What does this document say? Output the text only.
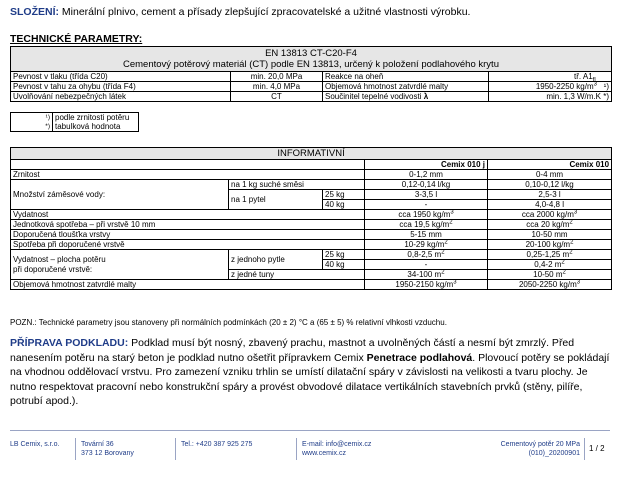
SLOŽENÍ: Minerální plnivo, cement a přísady zlepšující zpracovatelské a užitné vlastnosti výrobku.
TECHNICKÉ PARAMETRY:
EN 13813 CT-C20-F4			
Cementový potěrový materiál (CT) podle EN 13813, určený k položení podlahového krytu			
Pevnost v tlaku (třída C20)	min. 20,0 MPa	Reakce na oheň	tř. $A1_{fl}$
Pevnost v tahu za ohybu (třída F4)	min. 4,0 MPa	Objemová hmotnost zatvrdlé malty	1950-2250 $kg/m^3$ ¹)
Uvolňování nebezpečných látek	CT	Součinitel tepelné vodivosti λ	min. 1,3 W/m.K *)
¹)	podle zrnitosti potěru
*)	tabulková hodnota
INFORMATIVNÍ				
			Cemix 010 j	Cemix 010
Zrnitost			0-1,2 mm	0-4 mm
Množství záměsové vody:	na 1 kg suché směsi		0,12-0,14 l/kg	0,10-0,12 l/kg
	na 1 pytel	25 kg	3-3,5 l	2,5-3 l
		40 kg	-	4,0-4,8 l
Vydatnost			cca 1950 $kg/m^3$	cca 2000 $kg/m^3$
Jednotková spotřeba – při vrstvě 10 mm			cca 19,5 $kg/m^2$	cca 20 $kg/m^2$
Doporučená tloušťka vrstvy			5-15 mm	10-50 mm
Spotřeba při doporučené vrstvě			10-29 $kg/m^2$	20-100 $kg/m^2$

Vydatnost – plocha potěru
při doporučené vrstvě:	z jednoho pytle	25 kg	0,8-2,5 $m^2$	0,25-1,25 $m^2$
		40 kg	-	0,4-2 $m^2$
	z jedné tuny		34-100 $m^2$	10-50 $m^2$
Objemová hmotnost zatvrdlé malty			1950-2150 $kg/m^3$	2050-2250 $kg/m^3$
POZN.: Technické parametry jsou stanoveny při normálních podmínkách (20 ± 2) °C a (65 ± 5) % relativní vlhkosti vzduchu.
PŘÍPRAVA PODKLADU: Podklad musí být nosný, zbavený prachu, mastnot a uvolněných částí a nesmí být zmrzlý. Před nanesením potěru na starý beton je podklad nutno ošetřit přípravkem Cemix Penetrace podlahová. Plovoucí potěry se pokládají na vhodnou oddělovací vrstvu. Pro zamezení vzniku trhlin se umístí dilatační spáry v závislosti na velikosti a tvaru plochy. Je nutno respektovat pracovní nebo konstrukční spáry a provést obvodové dilatace vertikálních stavebních prvků (stěny, pilíře, potrubí apod.).
LB Cemix, s.r.o.	Tovární 36
373 12 Borovany
Tel.: +420 387 925 275	E-mail: info@cemix.cz
www.cemix.cz
Cementový potěr 20 MPa
(010)_20200901
1 / 2
